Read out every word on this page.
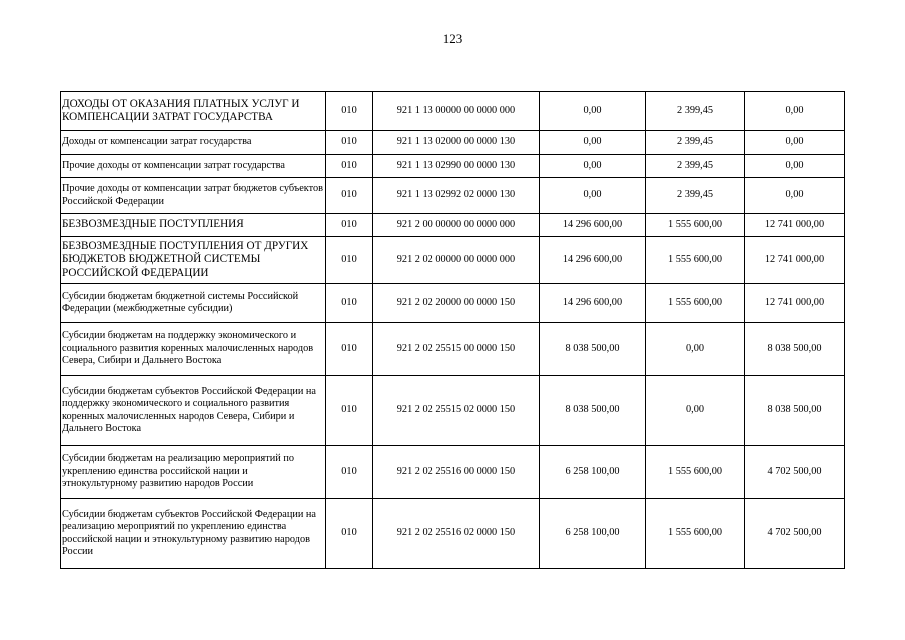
123
ДОХОДЫ ОТ ОКАЗАНИЯ ПЛАТНЫХ УСЛУГ И КОМПЕНСАЦИИ ЗАТРАТ ГОСУДАРСТВА	010	921 1 13 00000 00 0000 000	0,00	2 399,45	0,00
Доходы от компенсации затрат государства	010	921 1 13 02000 00 0000 130	0,00	2 399,45	0,00
Прочие доходы от компенсации затрат государства	010	921 1 13 02990 00 0000 130	0,00	2 399,45	0,00
Прочие доходы от компенсации затрат бюджетов субъектов Российской Федерации	010	921 1 13 02992 02 0000 130	0,00	2 399,45	0,00
БЕЗВОЗМЕЗДНЫЕ ПОСТУПЛЕНИЯ	010	921 2 00 00000 00 0000 000	14 296 600,00	1 555 600,00	12 741 000,00
БЕЗВОЗМЕЗДНЫЕ ПОСТУПЛЕНИЯ ОТ ДРУГИХ БЮДЖЕТОВ БЮДЖЕТНОЙ СИСТЕМЫ РОССИЙСКОЙ ФЕДЕРАЦИИ	010	921 2 02 00000 00 0000 000	14 296 600,00	1 555 600,00	12 741 000,00
Субсидии бюджетам бюджетной системы Российской Федерации (межбюджетные субсидии)	010	921 2 02 20000 00 0000 150	14 296 600,00	1 555 600,00	12 741 000,00
Субсидии бюджетам на поддержку экономического и социального развития коренных малочисленных народов Севера, Сибири и Дальнего Востока	010	921 2 02 25515 00 0000 150	8 038 500,00	0,00	8 038 500,00
Субсидии бюджетам субъектов Российской Федерации на поддержку экономического и социального развития коренных малочисленных народов Севера, Сибири и Дальнего Востока	010	921 2 02 25515 02 0000 150	8 038 500,00	0,00	8 038 500,00
Субсидии бюджетам на реализацию мероприятий по укреплению единства российской нации и этнокультурному развитию народов России	010	921 2 02 25516 00 0000 150	6 258 100,00	1 555 600,00	4 702 500,00
Субсидии бюджетам субъектов Российской Федерации на реализацию мероприятий по укреплению единства российской нации и этнокультурному развитию народов России	010	921 2 02 25516 02 0000 150	6 258 100,00	1 555 600,00	4 702 500,00
